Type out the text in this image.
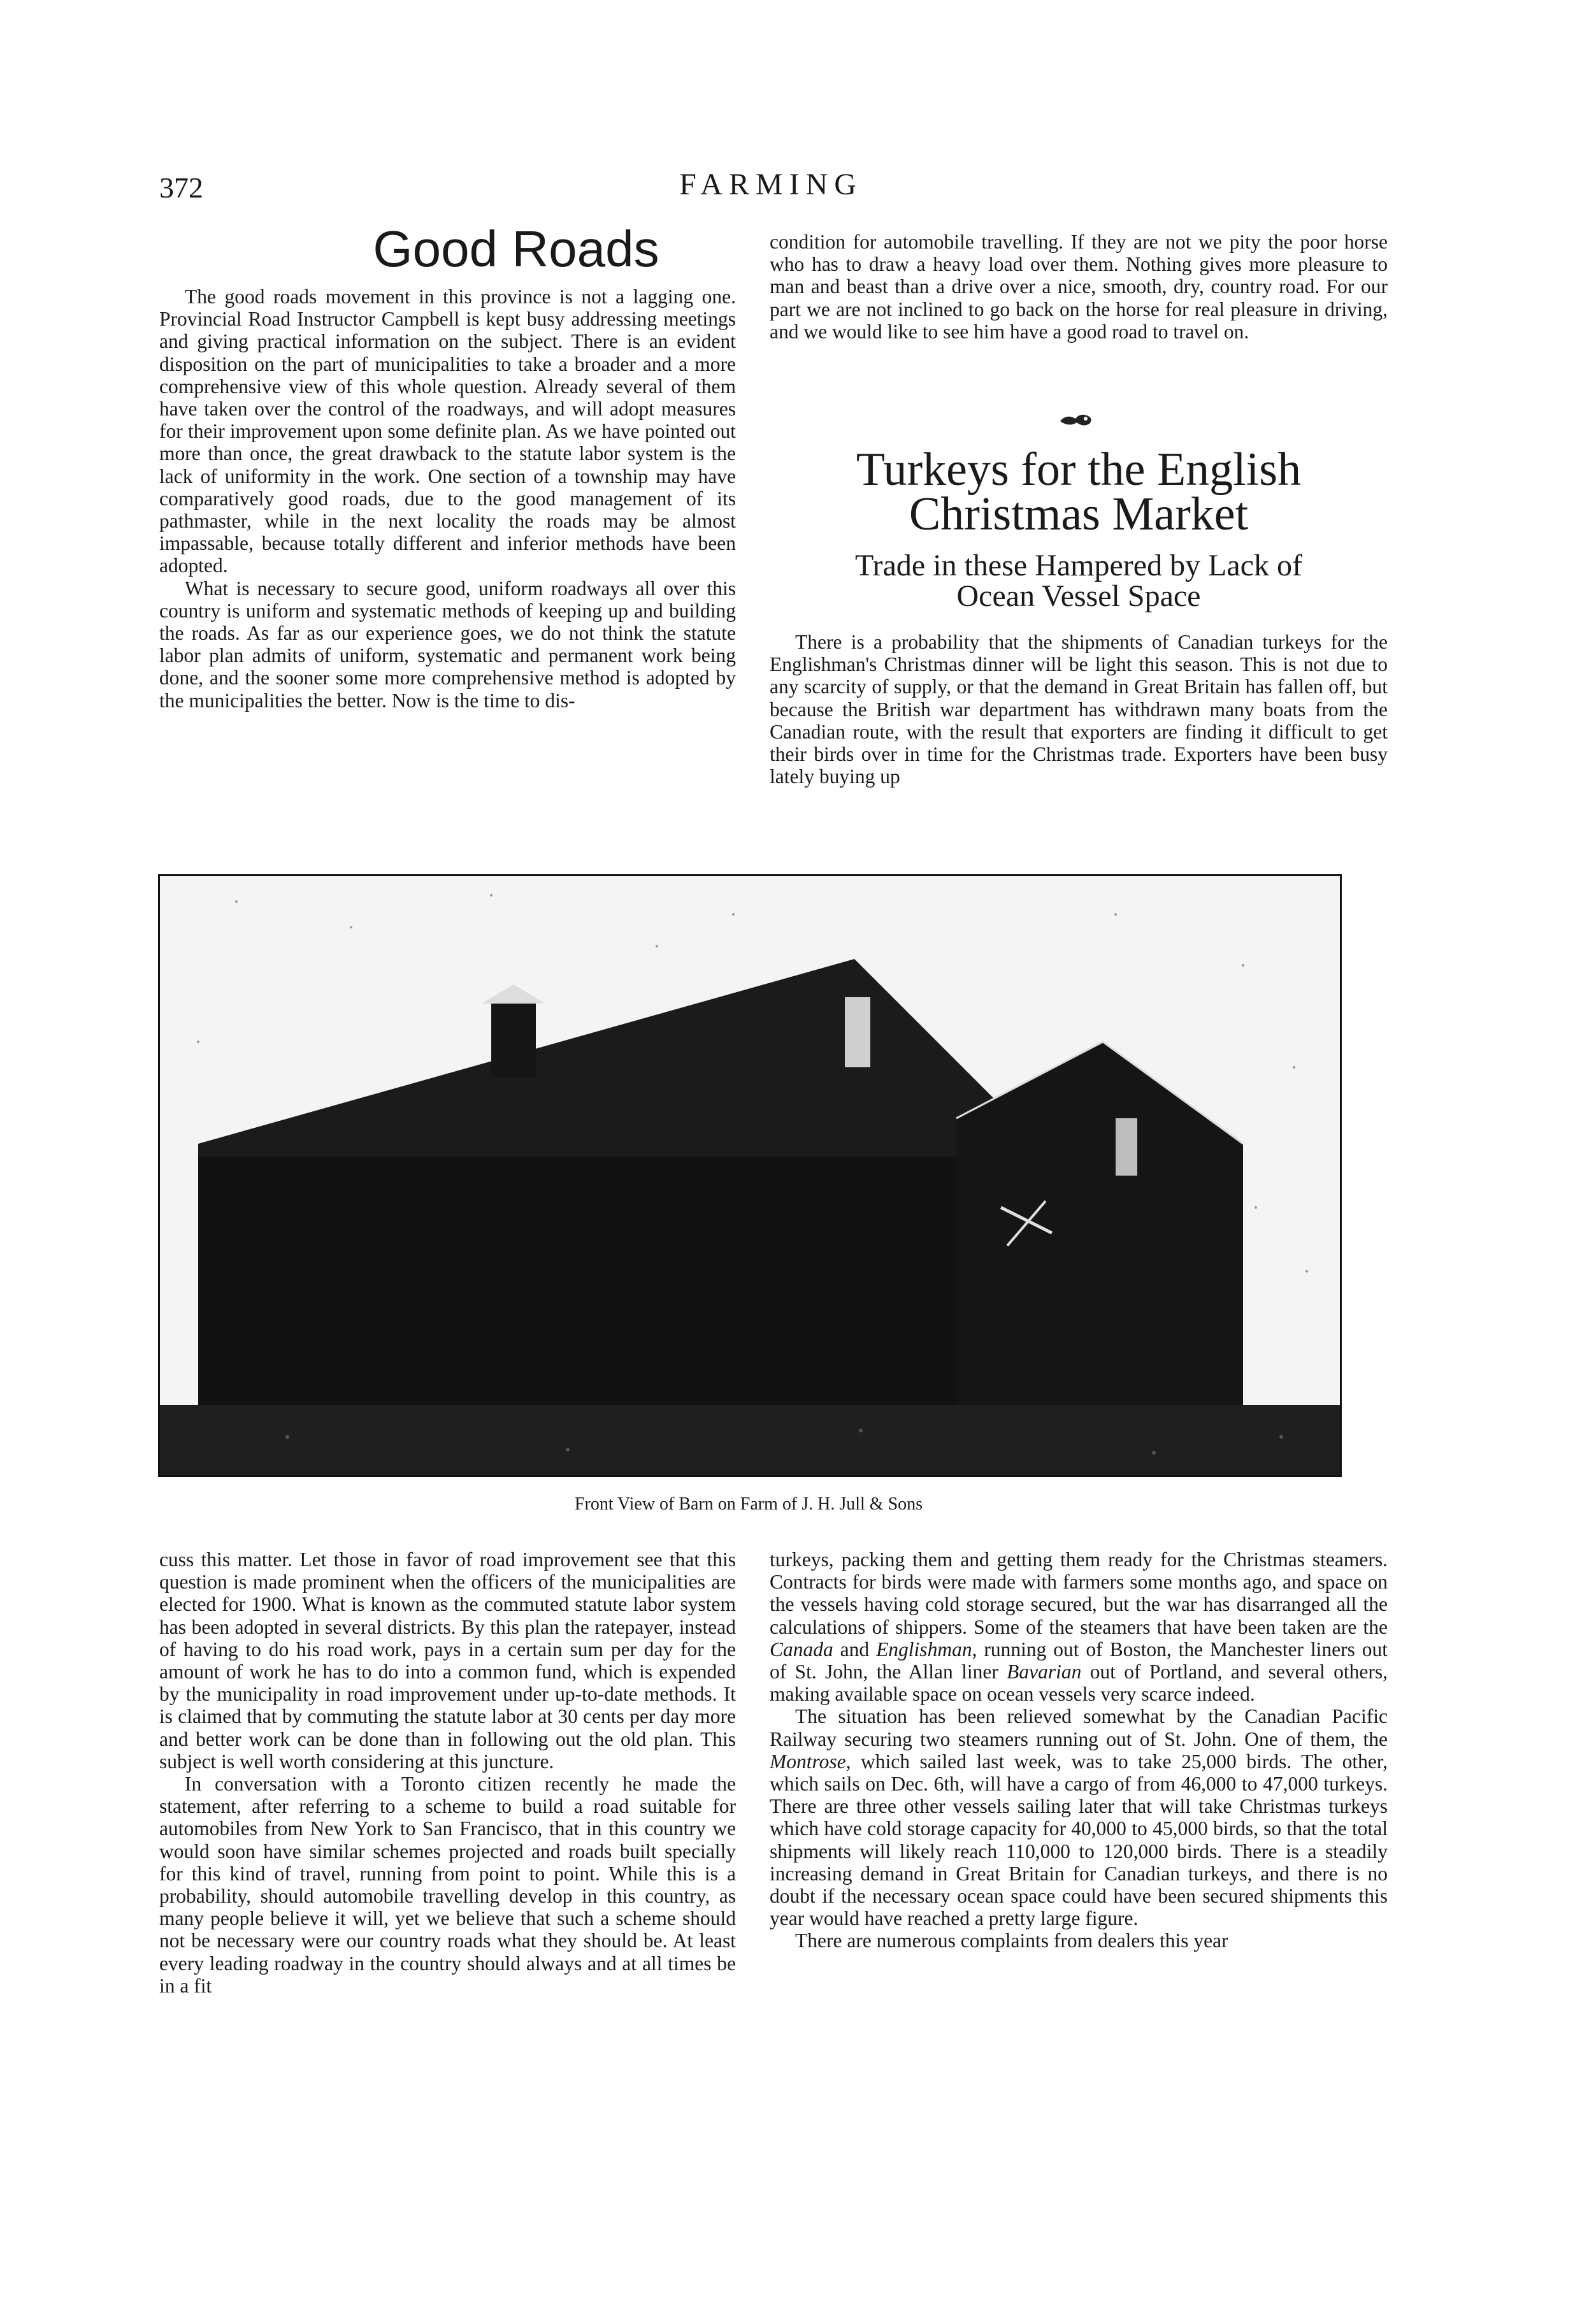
372	FARMING
Good Roads

The good roads movement in this province is not a lagging one. Provincial Road Instructor Campbell is kept busy addressing meetings and giving practical information on the subject. There is an evident disposition on the part of municipalities to take a broader and a more comprehensive view of this whole question. Already several of them have taken over the control of the roadways, and will adopt measures for their improvement upon some definite plan. As we have pointed out more than once, the great drawback to the statute labor system is the lack of uniformity in the work. One section of a township may have comparatively good roads, due to the good management of its pathmaster, while in the next locality the roads may be almost impassable, because totally different and inferior methods have been adopted.

What is necessary to secure good, uniform roadways all over this country is uniform and systematic methods of keeping up and building the roads. As far as our experience goes, we do not think the statute labor plan admits of uniform, systematic and permanent work being done, and the sooner some more comprehensive method is adopted by the municipalities the better. Now is the time to dis-

condition for automobile travelling. If they are not we pity the poor horse who has to draw a heavy load over them. Nothing gives more pleasure to man and beast than a drive over a nice, smooth, dry, country road. For our part we are not inclined to go back on the horse for real pleasure in driving, and we would like to see him have a good road to travel on.

Turkeys for the English
Christmas Market
Trade in these Hampered by Lack of
Ocean Vessel Space

There is a probability that the shipments of Canadian turkeys for the Englishman's Christmas dinner will be light this season. This is not due to any scarcity of supply, or that the demand in Great Britain has fallen off, but because the British war department has withdrawn many boats from the Canadian route, with the result that exporters are finding it difficult to get their birds over in time for the Christmas trade. Exporters have been busy lately buying up

Front View of Barn on Farm of J. H. Jull & Sons

cuss this matter. Let those in favor of road improvement see that this question is made prominent when the officers of the municipalities are elected for 1900. What is known as the commuted statute labor system has been adopted in several districts. By this plan the ratepayer, instead of having to do his road work, pays in a certain sum per day for the amount of work he has to do into a common fund, which is expended by the municipality in road improvement under up-to-date methods. It is claimed that by commuting the statute labor at 30 cents per day more and better work can be done than in following out the old plan. This subject is well worth considering at this juncture.

In conversation with a Toronto citizen recently he made the statement, after referring to a scheme to build a road suitable for automobiles from New York to San Francisco, that in this country we would soon have similar schemes projected and roads built specially for this kind of travel, running from point to point. While this is a probability, should automobile travelling develop in this country, as many people believe it will, yet we believe that such a scheme should not be necessary were our country roads what they should be. At least every leading roadway in the country should always and at all times be in a fit

turkeys, packing them and getting them ready for the Christmas steamers. Contracts for birds were made with farmers some months ago, and space on the vessels having cold storage secured, but the war has disarranged all the calculations of shippers. Some of the steamers that have been taken are the Canada and Englishman, running out of Boston, the Manchester liners out of St. John, the Allan liner Bavarian out of Portland, and several others, making available space on ocean vessels very scarce indeed.

The situation has been relieved somewhat by the Canadian Pacific Railway securing two steamers running out of St. John. One of them, the Montrose, which sailed last week, was to take 25,000 birds. The other, which sails on Dec. 6th, will have a cargo of from 46,000 to 47,000 turkeys. There are three other vessels sailing later that will take Christmas turkeys which have cold storage capacity for 40,000 to 45,000 birds, so that the total shipments will likely reach 110,000 to 120,000 birds. There is a steadily increasing demand in Great Britain for Canadian turkeys, and there is no doubt if the necessary ocean space could have been secured shipments this year would have reached a pretty large figure.

There are numerous complaints from dealers this year
